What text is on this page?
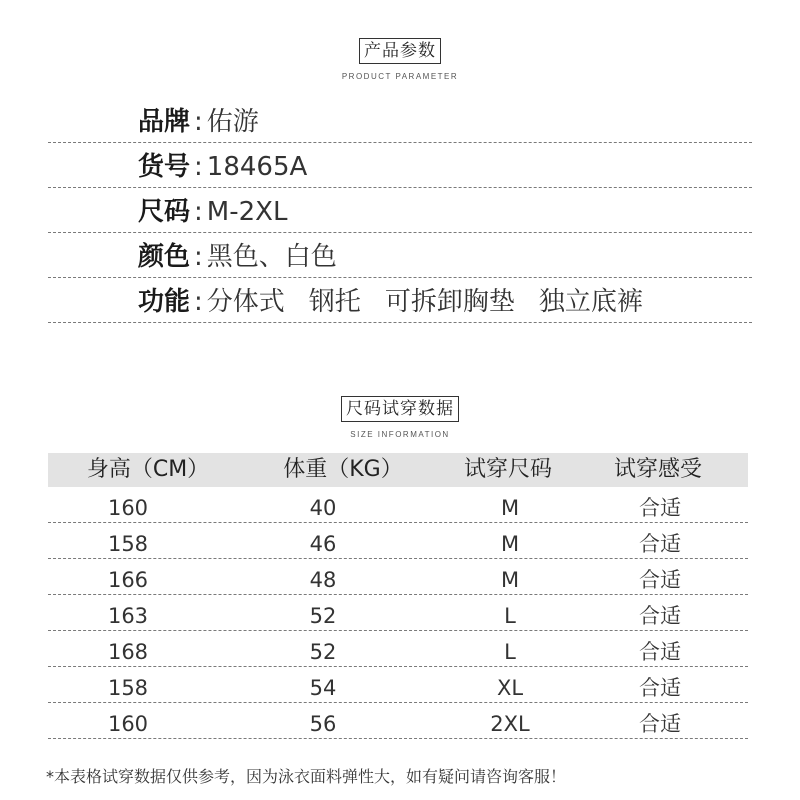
产品参数
PRODUCT PARAMETER
品牌 : 佑游
货号 : 18465A
尺码 : M-2XL
颜色 : 黑色、白色
功能 : 分体式 钢托 可拆卸胸垫 独立底裤
尺码试穿数据
SIZE INFORMATION
身高（CM）	体重（KG）	试穿尺码	试穿感受
160	40	M	合适
158	46	M	合适
166	48	M	合适
163	52	L	合适
168	52	L	合适
158	54	XL	合适
160	56	2XL	合适
*本表格试穿数据仅供参考，因为泳衣面料弹性大，如有疑问请咨询客服！
